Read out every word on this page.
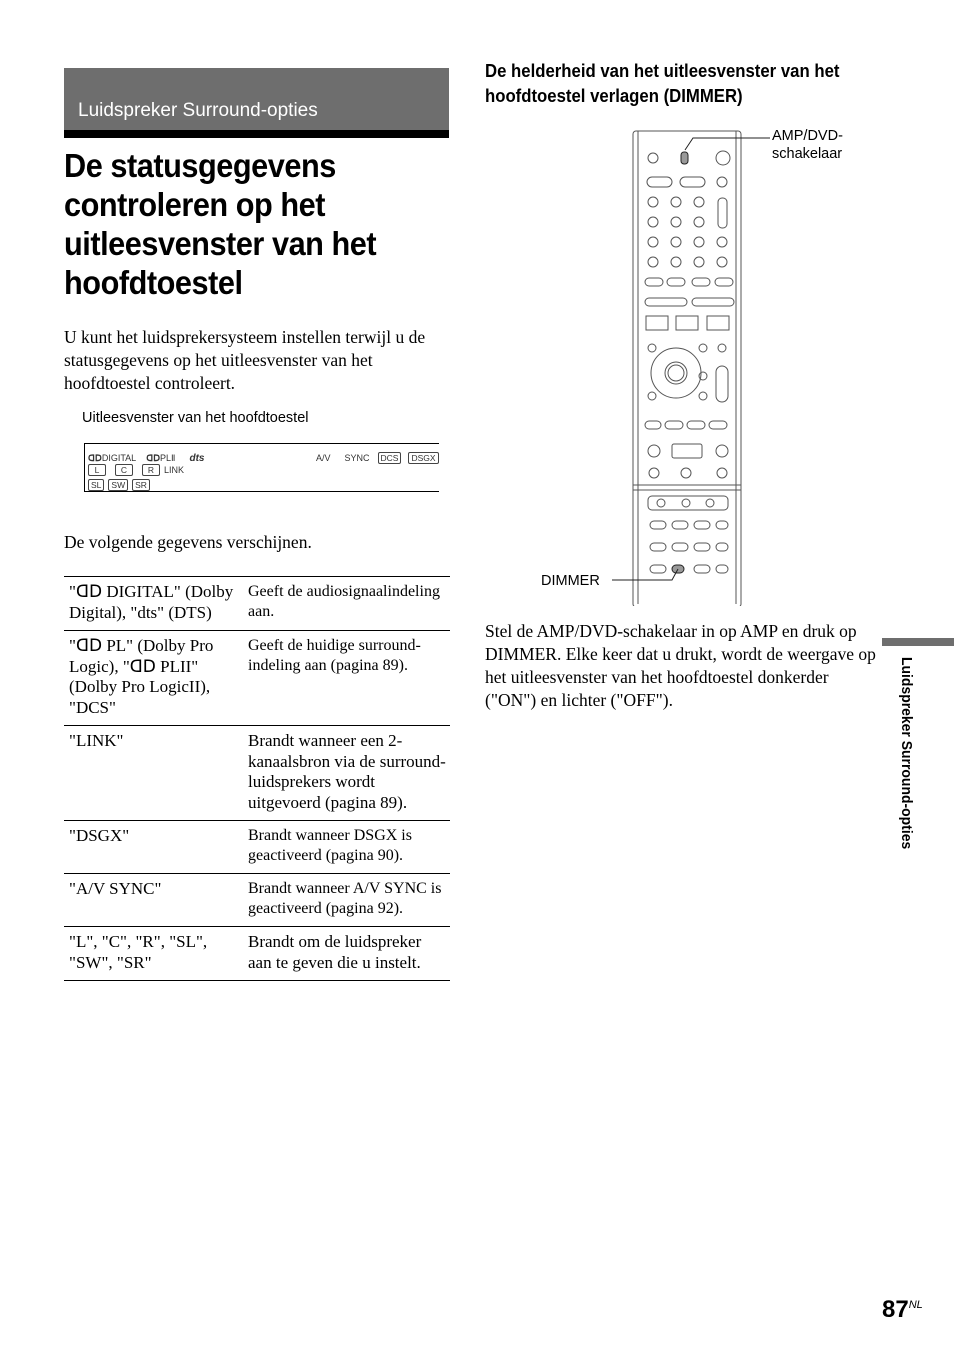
Luidspreker Surround-opties
De statusgegevens controleren op het uitleesvenster van het hoofdtoestel
U kunt het luidsprekersysteem instellen terwijl u de statusgegevens op het uitleesvenster van het hoofdtoestel controleert.
Uitleesvenster van het hoofdtoestel
ᗡᗞDIGITAL ᗡᗞPLⅡ dts	A/V SYNC DCS DSGX
L	C R LINK
SL SW SR
De volgende gegevens verschijnen.
"ᗡᗞ DIGITAL" (Dolby Digital), "dts" (DTS)	Geeft de audiosignaalindeling aan.
"ᗡᗞ PL" (Dolby Pro Logic), "ᗡᗞ PLII" (Dolby Pro LogicII), "DCS"	Geeft de huidige surround-indeling aan (pagina 89).
"LINK"	Brandt wanneer een 2-kanaalsbron via de surround-luidsprekers wordt uitgevoerd (pagina 89).
"DSGX"	Brandt wanneer DSGX is geactiveerd (pagina 90).
"A/V SYNC"	Brandt wanneer A/V SYNC is geactiveerd (pagina 92).
"L", "C", "R", "SL", "SW", "SR"	Brandt om de luidspreker aan te geven die u instelt.
De helderheid van het uitleesvenster van het hoofdtoestel verlagen (DIMMER)
AMP/DVD-
schakelaar
DIMMER
Stel de AMP/DVD-schakelaar in op AMP en druk op DIMMER. Elke keer dat u drukt, wordt de weergave op het uitleesvenster van het hoofdtoestel donkerder ("ON") en lichter ("OFF").	Luidspreker Surround-opties
$87^{NL}$
